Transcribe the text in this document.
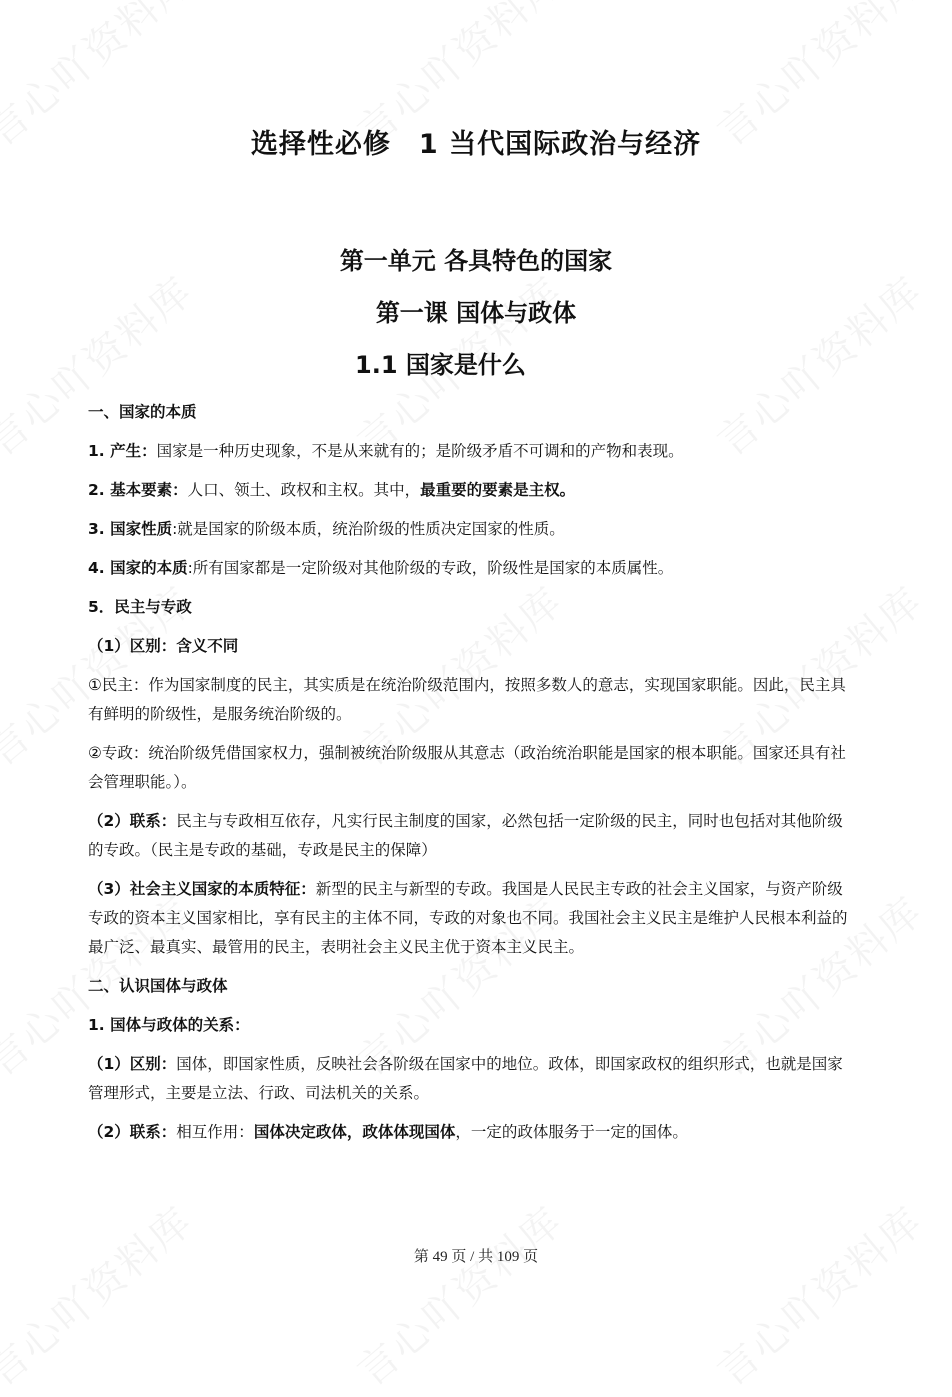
选择性必修　1 当代国际政治与经济
第一单元 各具特色的国家
第一课 国体与政体
1.1 国家是什么

一、国家的本质

1. 产生：国家是一种历史现象，不是从来就有的；是阶级矛盾不可调和的产物和表现。

2. 基本要素：人口、领土、政权和主权。其中，最重要的要素是主权。

3. 国家性质:就是国家的阶级本质，统治阶级的性质决定国家的性质。

4. 国家的本质:所有国家都是一定阶级对其他阶级的专政，阶级性是国家的本质属性。

5．民主与专政

（1）区别：含义不同

①民主：作为国家制度的民主，其实质是在统治阶级范围内，按照多数人的意志，实现国家职能。因此，民主具有鲜明的阶级性，是服务统治阶级的。

②专政：统治阶级凭借国家权力，强制被统治阶级服从其意志（政治统治职能是国家的根本职能。国家还具有社会管理职能。）。

（2）联系：民主与专政相互依存，凡实行民主制度的国家，必然包括一定阶级的民主，同时也包括对其他阶级的专政。（民主是专政的基础，专政是民主的保障）

（3）社会主义国家的本质特征：新型的民主与新型的专政。我国是人民民主专政的社会主义国家，与资产阶级专政的资本主义国家相比，享有民主的主体不同，专政的对象也不同。我国社会主义民主是维护人民根本利益的最广泛、最真实、最管用的民主，表明社会主义民主优于资本主义民主。

二、认识国体与政体

1. 国体与政体的关系：

（1）区别：国体，即国家性质，反映社会各阶级在国家中的地位。政体，即国家政权的组织形式，也就是国家管理形式，主要是立法、行政、司法机关的关系。

（2）联系：相互作用：国体决定政体，政体体现国体，一定的政体服务于一定的国体。

第 49 页 / 共 109 页
